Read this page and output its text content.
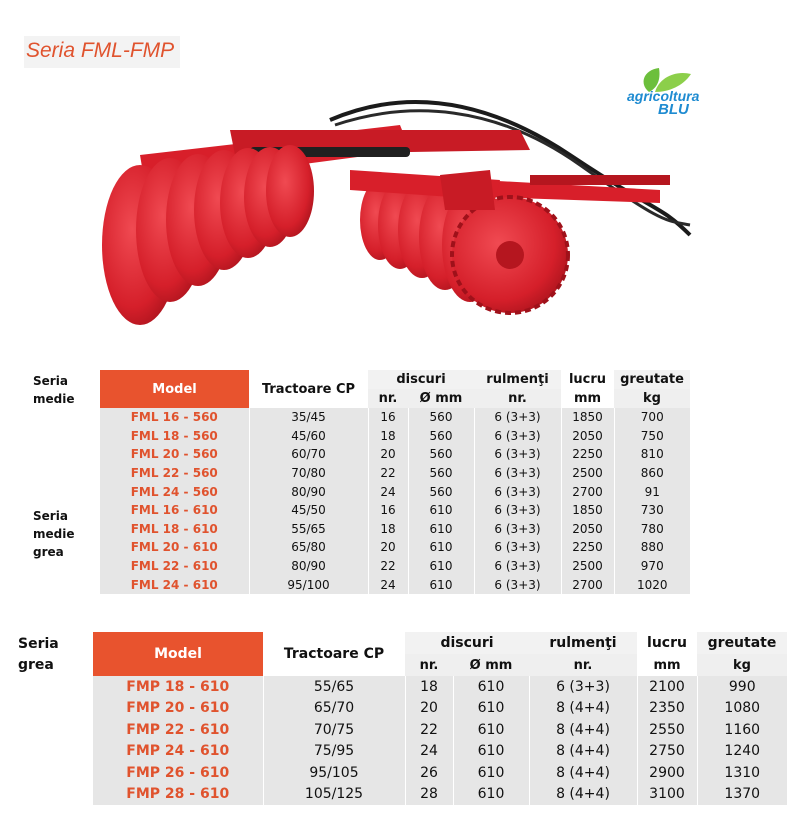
Seria FML-FMP
agricoltura
BLU
Seria
medie
Seria
medie
grea
Seria
grea
Model	Tractoare CP	discuri		rulmenţi	lucru	greutate
		nr.	Ø mm	nr.	mm	kg
FML 16 - 560	35/45	16	560	6 (3+3)	1850	700
FML 18 - 560	45/60	18	560	6 (3+3)	2050	750
FML 20 - 560	60/70	20	560	6 (3+3)	2250	810
FML 22 - 560	70/80	22	560	6 (3+3)	2500	860
FML 24 - 560	80/90	24	560	6 (3+3)	2700	91
FML 16 - 610	45/50	16	610	6 (3+3)	1850	730
FML 18 - 610	55/65	18	610	6 (3+3)	2050	780
FML 20 - 610	65/80	20	610	6 (3+3)	2250	880
FML 22 - 610	80/90	22	610	6 (3+3)	2500	970
FML 24 - 610	95/100	24	610	6 (3+3)	2700	1020
Model	Tractoare CP	discuri		rulmenţi	lucru	greutate
		nr.	Ø mm	nr.	mm	kg
FMP 18 - 610	55/65	18	610	6 (3+3)	2100	990
FMP 20 - 610	65/70	20	610	8 (4+4)	2350	1080
FMP 22 - 610	70/75	22	610	8 (4+4)	2550	1160
FMP 24 - 610	75/95	24	610	8 (4+4)	2750	1240
FMP 26 - 610	95/105	26	610	8 (4+4)	2900	1310
FMP 28 - 610	105/125	28	610	8 (4+4)	3100	1370
